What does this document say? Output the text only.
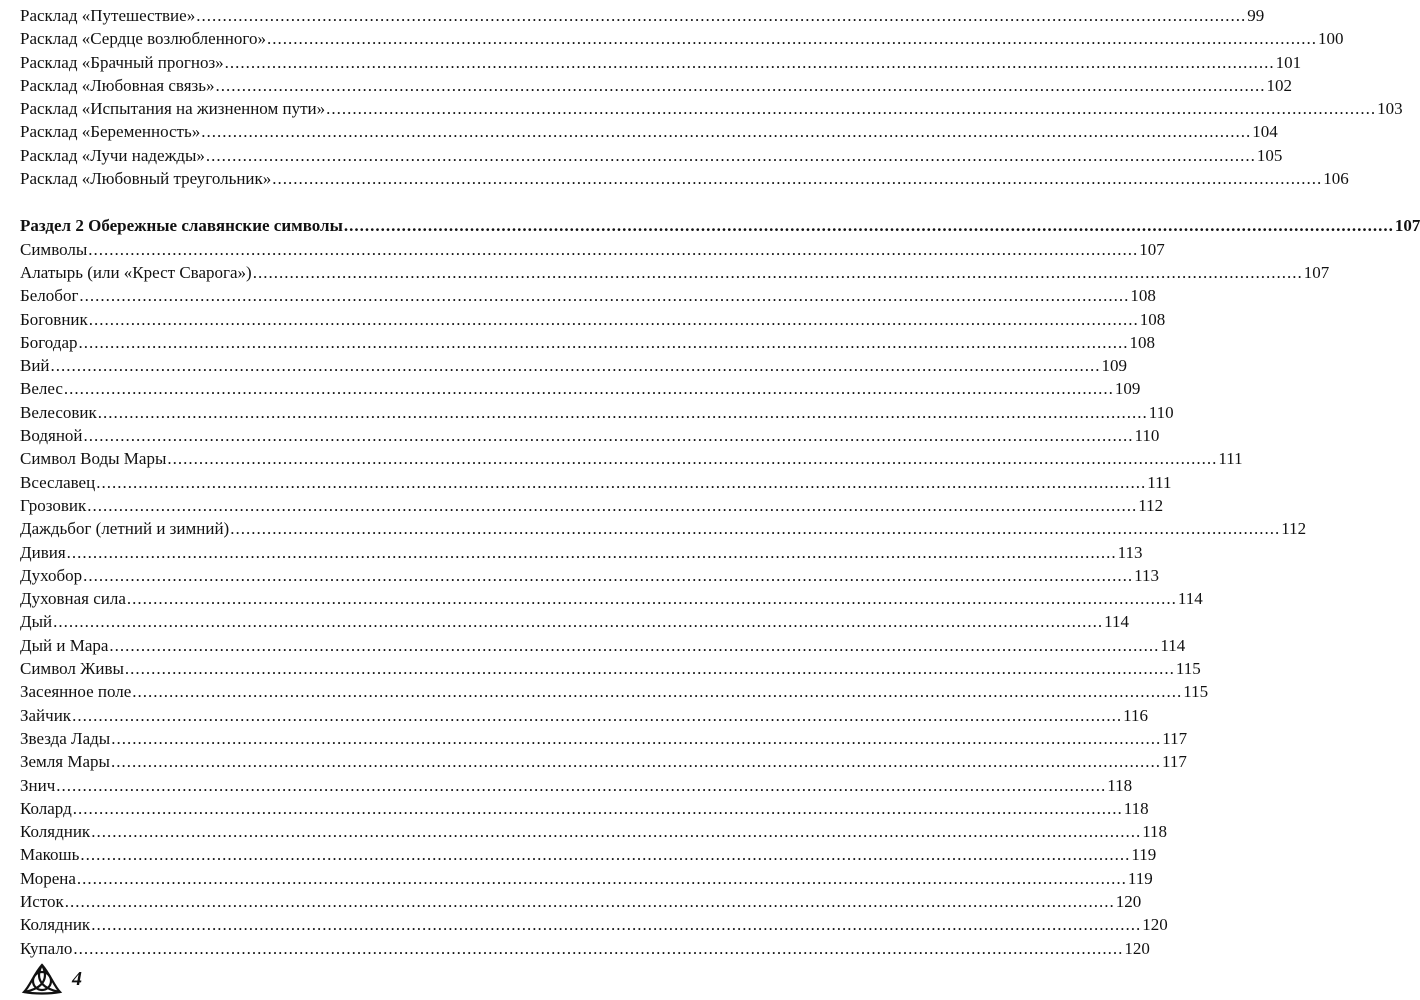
Расклад «Путешествие» ........................................................................................................................................................................................................ 99
Расклад «Сердце возлюбленного» ........................................................................................................................................................................................................ 100
Расклад «Брачный прогноз» ........................................................................................................................................................................................................ 101
Расклад «Любовная связь» ........................................................................................................................................................................................................ 102
Расклад «Испытания на жизненном пути» ........................................................................................................................................................................................................ 103
Расклад «Беременность» ........................................................................................................................................................................................................ 104
Расклад «Лучи надежды» ........................................................................................................................................................................................................ 105
Расклад «Любовный треугольник» ........................................................................................................................................................................................................ 106
Раздел 2 Обережные славянские символы ........................................................................................................................................................................................................ 107
Символы ........................................................................................................................................................................................................ 107
Алатырь (или «Крест Сварога») ........................................................................................................................................................................................................ 107
Белобог ........................................................................................................................................................................................................ 108
Боговник ........................................................................................................................................................................................................ 108
Богодар ........................................................................................................................................................................................................ 108
Вий ........................................................................................................................................................................................................ 109
Велес ........................................................................................................................................................................................................ 109
Велесовик ........................................................................................................................................................................................................ 110
Водяной ........................................................................................................................................................................................................ 110
Символ Воды Мары ........................................................................................................................................................................................................ 111
Всеславец ........................................................................................................................................................................................................ 111
Грозовик ........................................................................................................................................................................................................ 112
Даждьбог (летний и зимний) ........................................................................................................................................................................................................ 112
Дивия ........................................................................................................................................................................................................ 113
Духобор ........................................................................................................................................................................................................ 113
Духовная сила ........................................................................................................................................................................................................ 114
Дый ........................................................................................................................................................................................................ 114
Дый и Мара ........................................................................................................................................................................................................ 114
Символ Живы ........................................................................................................................................................................................................ 115
Засеянное поле ........................................................................................................................................................................................................ 115
Зайчик ........................................................................................................................................................................................................ 116
Звезда Лады ........................................................................................................................................................................................................ 117
Земля Мары ........................................................................................................................................................................................................ 117
Знич ........................................................................................................................................................................................................ 118
Колард ........................................................................................................................................................................................................ 118
Колядник ........................................................................................................................................................................................................ 118
Макошь ........................................................................................................................................................................................................ 119
Морена ........................................................................................................................................................................................................ 119
Исток ........................................................................................................................................................................................................ 120
Колядник ........................................................................................................................................................................................................ 120
Купало ........................................................................................................................................................................................................ 120
4
